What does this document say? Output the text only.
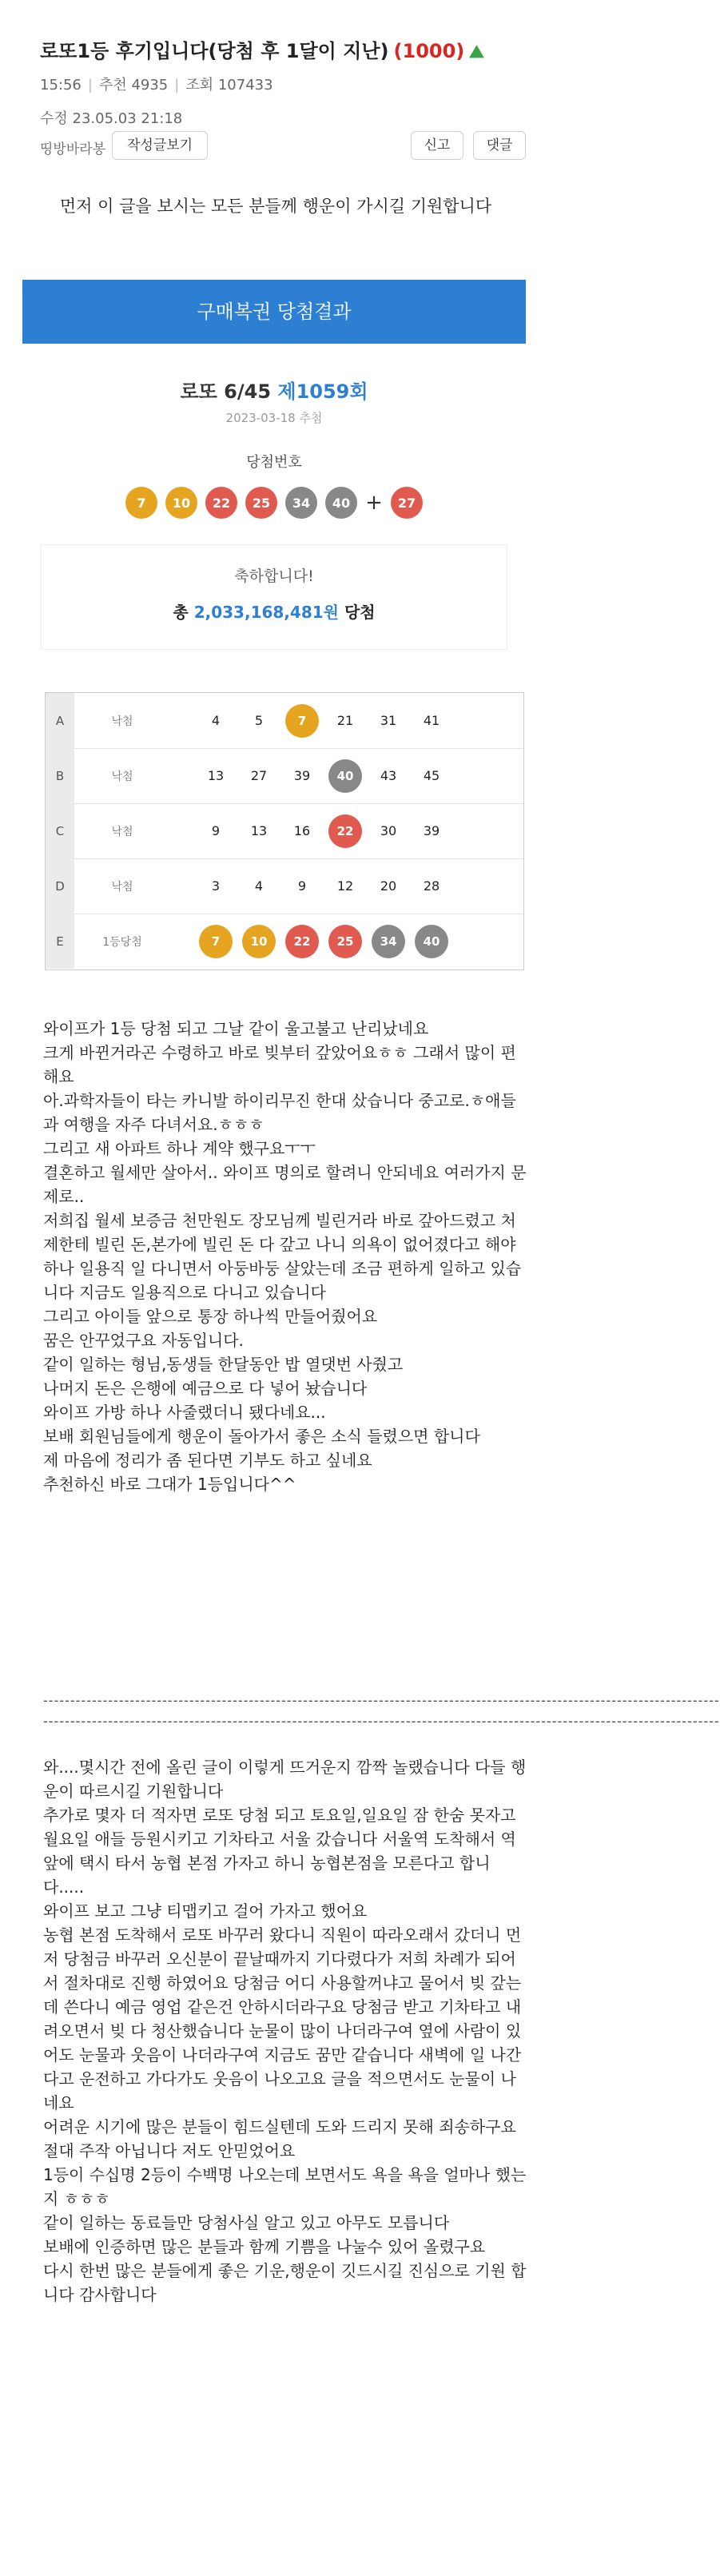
로또1등 후기입니다(당첨 후 1달이 지난) (1000) ⛰
15:56 | 추천 4935 | 조회 107433
수정 23.05.03 21:18
띵방바라봉	작성글보기	신고	댓글
먼저 이 글을 보시는 모든 분들께 행운이 가시길 기원합니다
구매복권 당첨결과
로또 6/45 제1059회
2023-03-18 추첨
당첨번호
7	10	22	25	34	40 +	27
축하합니다!
총 2,033,168,481원 당첨
A	낙첨	4	5	7	21	31	41
B	낙첨	13	27	39	40	43	45
C	낙첨	9	13	16	22	30	39
D	낙첨	3	4	9	12	20	28
E	1등당첨	7	10	22	25	34	40
와이프가 1등 당첨 되고 그날 같이 울고불고 난리났네요
크게 바뀐거라곤 수령하고 바로 빚부터 갚았어요ㅎㅎ 그래서 많이 편해요
아.과학자들이 타는 카니발 하이리무진 한대 샀습니다 중고로.ㅎ애들과 여행을 자주 다녀서요.ㅎㅎㅎ
그리고 새 아파트 하나 계약 했구요ㅜㅜ
결혼하고 월세만 살아서.. 와이프 명의로 할려니 안되네요 여러가지 문제로..
저희집 월세 보증금 천만원도 장모님께 빌린거라 바로 갚아드렸고 처제한테 빌린 돈,본가에 빌린 돈 다 갚고 나니 의욕이 없어졌다고 해야 하나 일용직 일 다니면서 아둥바둥 살았는데 조금 편하게 일하고 있습니다 지금도 일용직으로 다니고 있습니다
그리고 아이들 앞으로 통장 하나씩 만들어줬어요
꿈은 안꾸었구요 자동입니다.
같이 일하는 형님,동생들 한달동안 밥 열댓번 사줬고
나머지 돈은 은행에 예금으로 다 넣어 놨습니다
와이프 가방 하나 사줄랬더니 됐다네요...
보배 회원님들에게 행운이 돌아가서 좋은 소식 들렸으면 합니다
제 마음에 정리가 좀 된다면 기부도 하고 싶네요
추천하신 바로 그대가 1등입니다^^
-----------------------------------------------------------------------------------------------------------------------------
-----------------------------------------------------------------------------------------------------------------------------
와....몇시간 전에 올린 글이 이렇게 뜨거운지 깜짝 놀랬습니다 다들 행운이 따르시길 기원합니다
추가로 몇자 더 적자면 로또 당첨 되고 토요일,일요일 잠 한숨 못자고 월요일 애들 등원시키고 기차타고 서울 갔습니다 서울역 도착해서 역 앞에 택시 타서 농협 본점 가자고 하니 농협본점을 모른다고 합니다.....
와이프 보고 그냥 티맵키고 걸어 가자고 했어요
농협 본점 도착해서 로또 바꾸러 왔다니 직원이 따라오래서 갔더니 먼저 당첨금 바꾸러 오신분이 끝날때까지 기다렸다가 저희 차례가 되어서 절차대로 진행 하였어요 당첨금 어디 사용할꺼냐고 물어서 빚 갚는데 쓴다니 예금 영업 같은건 안하시더라구요 당첨금 받고 기차타고 내려오면서 빚 다 청산했습니다 눈물이 많이 나더라구여 옆에 사람이 있어도 눈물과 웃음이 나더라구여 지금도 꿈만 같습니다 새벽에 일 나간다고 운전하고 가다가도 웃음이 나오고요 글을 적으면서도 눈물이 나네요
어려운 시기에 많은 분들이 힘드실텐데 도와 드리지 못해 죄송하구요 절대 주작 아닙니다 저도 안믿었어요
1등이 수십명 2등이 수백명 나오는데 보면서도 욕을 욕을 얼마나 했는지 ㅎㅎㅎ
같이 일하는 동료들만 당첨사실 알고 있고 아무도 모릅니다
보배에 인증하면 많은 분들과 함께 기쁨을 나눌수 있어 올렸구요
다시 한번 많은 분들에게 좋은 기운,행운이 깃드시길 진심으로 기원 합니다 감사합니다
